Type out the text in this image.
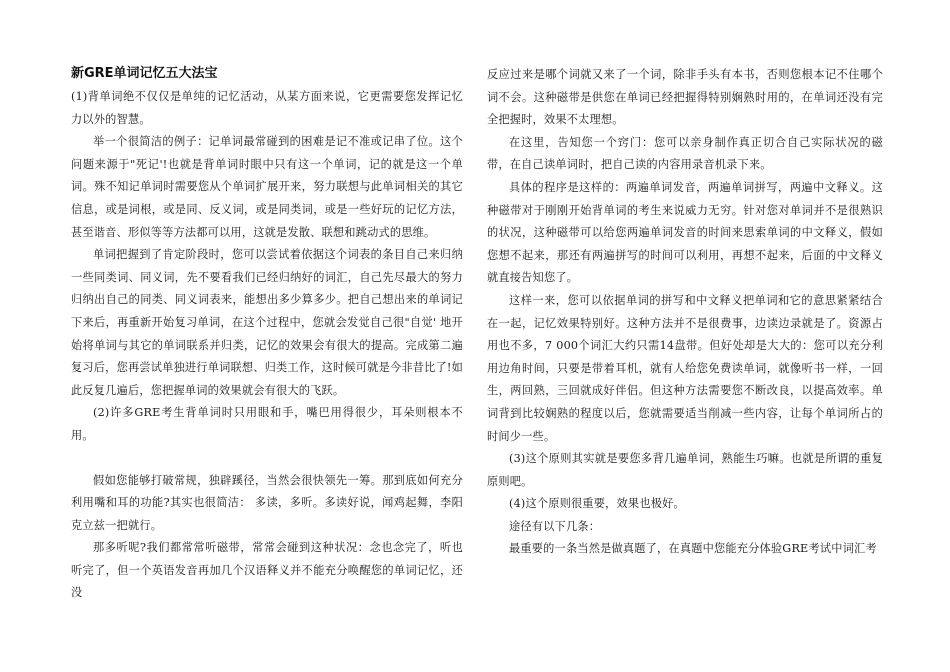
新GRE单词记忆五大法宝

(1)背单词绝不仅仅是单纯的记忆活动，从某方面来说，它更需要您发挥记忆力以外的智慧。

举一个很简洁的例子：记单词最常碰到的困难是记不准或记串了位。这个问题来源于"死记'!也就是背单词时眼中只有这一个单词，记的就是这一个单词。殊不知记单词时需要您从个单词扩展开来，努力联想与此单词相关的其它信息，或是词根，或是同、反义词，或是同类词，或是一些好玩的记忆方法，甚至谐音、形似等等方法都可以用，这就是发散、联想和跳动式的思维。

单词把握到了肯定阶段时，您可以尝试着依据这个词表的条目自己来归纳一些同类词、同义词，先不要看我们已经归纳好的词汇，自己先尽最大的努力归纳出自己的同类、同义词表来，能想出多少算多少。把自己想出来的单词记下来后，再重新开始复习单词，在这个过程中，您就会发觉自己很"自觉' 地开始将单词与其它的单词联系并归类，记忆的效果会有很大的提高。完成第二遍复习后，您再尝试单独进行单词联想、归类工作，这时候可就是今非昔比了!如此反复几遍后，您把握单词的效果就会有很大的飞跃。

(2)许多GRE考生背单词时只用眼和手，嘴巴用得很少，耳朵则根本不用。

假如您能够打破常规，独辟蹊径，当然会很快领先一筹。那到底如何充分利用嘴和耳的功能?其实也很简洁： 多读，多听。多读好说，闻鸡起舞，李阳克立兹一把就行。

那多听呢?我们都常常听磁带，常常会碰到这种状况：念也念完了，听也听完了，但一个英语发音再加几个汉语释义并不能充分唤醒您的单词记忆，还没

反应过来是哪个词就又来了一个词，除非手头有本书，否则您根本记不住哪个词不会。这种磁带是供您在单词已经把握得特别娴熟时用的，在单词还没有完全把握时，效果不太理想。

在这里，告知您一个窍门：您可以亲身制作真正切合自己实际状况的磁带，在自己读单词时，把自己读的内容用录音机录下来。

具体的程序是这样的：两遍单词发音，两遍单词拼写，两遍中文释义。这种磁带对于刚刚开始背单词的考生来说威力无穷。针对您对单词并不是很熟识的状况，这种磁带可以给您两遍单词发音的时间来思索单词的中文释义，假如您想不起来，那还有两遍拼写的时间可以利用，再想不起来，后面的中文释义就直接告知您了。

这样一来，您可以依据单词的拼写和中文释义把单词和它的意思紧紧结合在一起，记忆效果特别好。这种方法并不是很费事，边读边录就是了。资源占用也不多，7 000个词汇大约只需14盘带。但好处却是大大的：您可以充分利用边角时间，只要是带着耳机，就有人给您免费读单词，就像听书一样，一回生，两回熟，三回就成好伴侣。但这种方法需要您不断改良，以提高效率。单词背到比较娴熟的程度以后，您就需要适当削减一些内容，让每个单词所占的时间少一些。

(3)这个原则其实就是要您多背几遍单词，熟能生巧嘛。也就是所谓的重复原则吧。

(4)这个原则很重要，效果也极好。

途径有以下几条：

最重要的一条当然是做真题了，在真题中您能充分体验GRE考试中词汇考
